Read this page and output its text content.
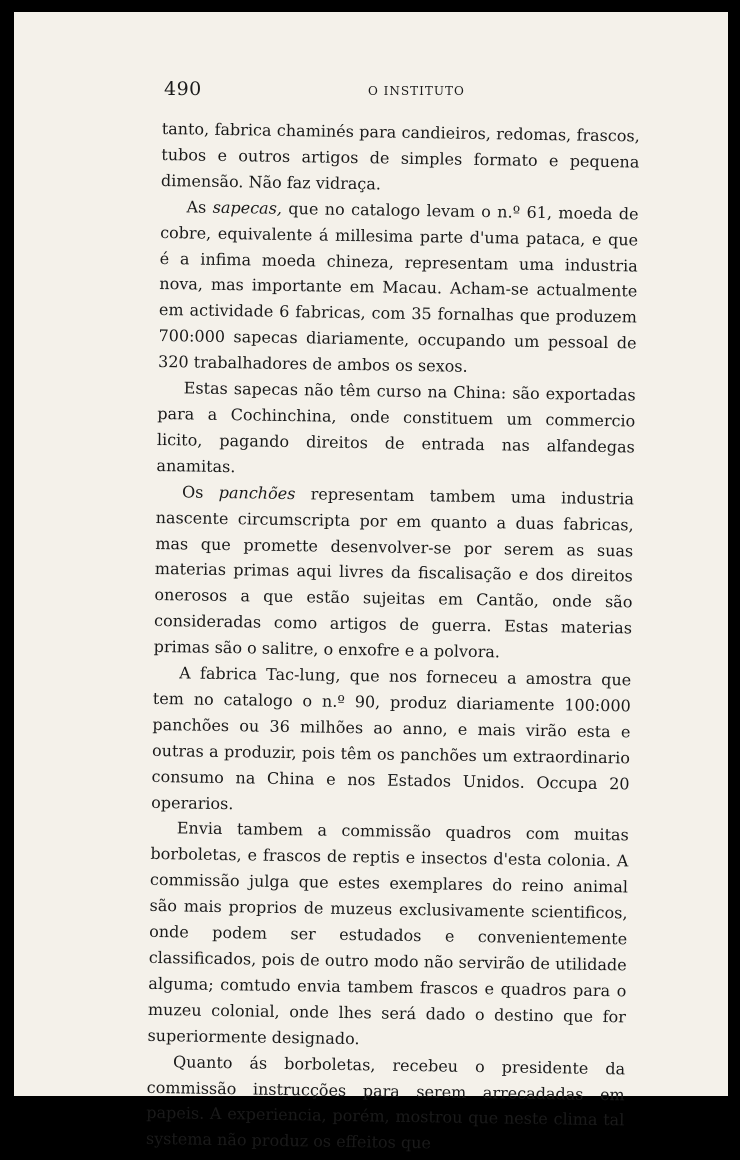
490	O INSTITUTO

tanto, fabrica chaminés para candieiros, redomas, frascos, tubos e outros artigos de simples formato e pequena dimensão. Não faz vidraça.

As sapecas, que no catalogo levam o n.º 61, moeda de cobre, equivalente á millesima parte d'uma pataca, e que é a infima moeda chineza, representam uma industria nova, mas importante em Macau. Acham-se actualmente em actividade 6 fabricas, com 35 fornalhas que produzem 700:000 sapecas diariamente, occupando um pessoal de 320 trabalhadores de ambos os sexos.

Estas sapecas não têm curso na China: são exportadas para a Cochinchina, onde constituem um commercio licito, pagando direitos de entrada nas alfandegas anamitas.

Os panchões representam tambem uma industria nascente circumscripta por em quanto a duas fabricas, mas que promette desenvolver-se por serem as suas materias primas aqui livres da fiscalisação e dos direitos onerosos a que estão sujeitas em Cantão, onde são consideradas como artigos de guerra. Estas materias primas são o salitre, o enxofre e a polvora.

A fabrica Tac-lung, que nos forneceu a amostra que tem no catalogo o n.º 90, produz diariamente 100:000 panchões ou 36 milhões ao anno, e mais virão esta e outras a produzir, pois têm os panchões um extraordinario consumo na China e nos Estados Unidos. Occupa 20 operarios.

Envia tambem a commissão quadros com muitas borboletas, e frascos de reptis e insectos d'esta colonia. A commissão julga que estes exemplares do reino animal são mais proprios de muzeus exclusivamente scientificos, onde podem ser estudados e convenientemente classificados, pois de outro modo não servirão de utilidade alguma; comtudo envia tambem frascos e quadros para o muzeu colonial, onde lhes será dado o destino que for superiormente designado.

Quanto ás borboletas, recebeu o presidente da commissão instrucções para serem arrecadadas em papeis. A experiencia, porém, mostrou que neste clima tal systema não produz os effeitos que
